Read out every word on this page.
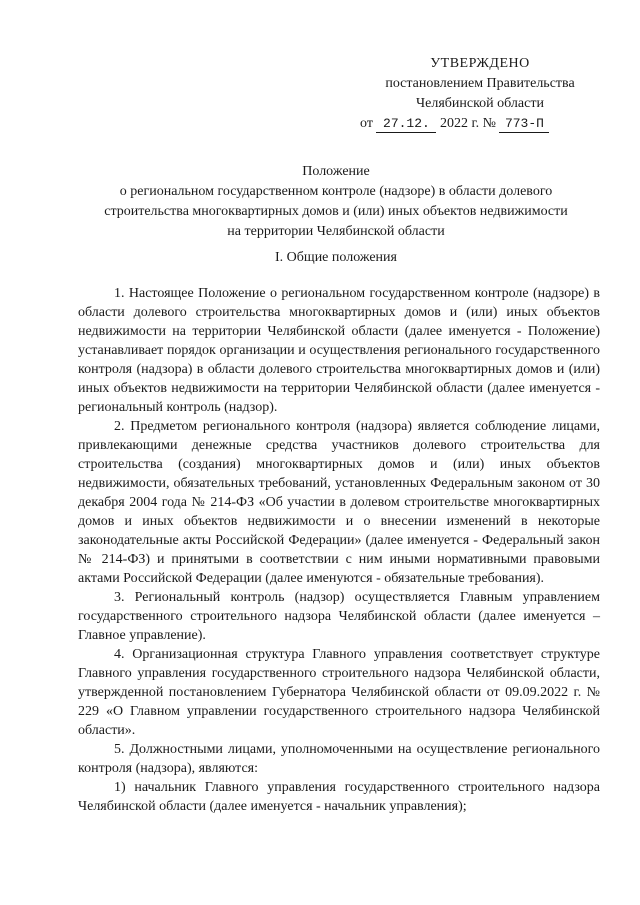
УТВЕРЖДЕНО
постановлением Правительства
Челябинской области
от 27.12. 2022 г. № 773-П
Положение
о региональном государственном контроле (надзоре) в области долевого
строительства многоквартирных домов и (или) иных объектов недвижимости
на территории Челябинской области
I. Общие положения

1. Настоящее Положение о региональном государственном контроле (надзоре) в области долевого строительства многоквартирных домов и (или) иных объектов недвижимости на территории Челябинской области (далее именуется - Положение) устанавливает порядок организации и осуществления регионального государственного контроля (надзора) в области долевого строительства многоквартирных домов и (или) иных объектов недвижимости на территории Челябинской области (далее именуется - региональный контроль (надзор).

2. Предметом регионального контроля (надзора) является соблюдение лицами, привлекающими денежные средства участников долевого строительства для строительства (создания) многоквартирных домов и (или) иных объектов недвижимости, обязательных требований, установленных Федеральным законом от 30 декабря 2004 года № 214-ФЗ «Об участии в долевом строительстве многоквартирных домов и иных объектов недвижимости и о внесении изменений в некоторые законодательные акты Российской Федерации» (далее именуется - Федеральный закон № 214-ФЗ) и принятыми в соответствии с ним иными нормативными правовыми актами Российской Федерации (далее именуются - обязательные требования).

3. Региональный контроль (надзор) осуществляется Главным управлением государственного строительного надзора Челябинской области (далее именуется – Главное управление).

4. Организационная структура Главного управления соответствует структуре Главного управления государственного строительного надзора Челябинской области, утвержденной постановлением Губернатора Челябинской области от 09.09.2022 г. № 229 «О Главном управлении государственного строительного надзора Челябинской области».

5. Должностными лицами, уполномоченными на осуществление регионального контроля (надзора), являются:

1) начальник Главного управления государственного строительного надзора Челябинской области (далее именуется - начальник управления);
